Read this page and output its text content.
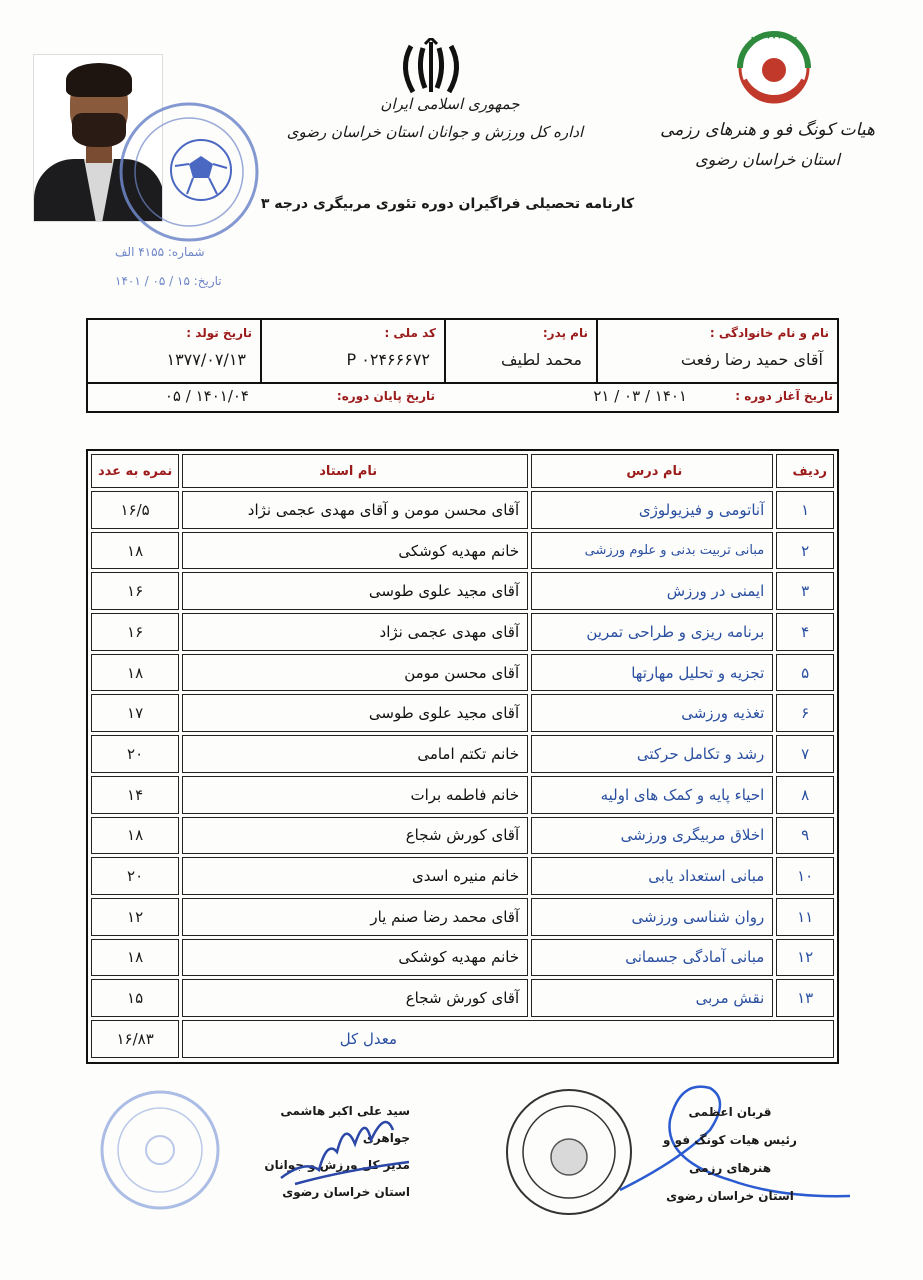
جمهوری اسلامی ایران
اداره کل ورزش و جوانان استان خراسان رضوی
• • • • • • • • •
هیات کونگ فو و هنرهای رزمی
استان خراسان رضوی
کارنامه تحصیلی فراگیران دوره تئوری مربیگری درجه ۳
شماره: ۴۱۵۵ الف
تاریخ: ۱۵ / ۰۵ / ۱۴۰۱
تاریخ تولد :
۱۳۷۷/۰۷/۱۳
کد ملی :
۰۲۴۶۶۶۷۲ P
نام پدر:
محمد لطیف
نام و نام خانوادگی :
آقای حمید رضا رفعت
تاریخ آغاز دوره :
۱۴۰۱ / ۰۳ / ۲۱
تاریخ پایان دوره:
۱۴۰۱/۰۴ / ۰۵
ردیف	نام درس	نام استاد	نمره به عدد
۱	آناتومی و فیزیولوژی	آقای محسن مومن و آقای مهدی عجمی نژاد	۱۶/۵
۲	مبانی تربیت بدنی و علوم ورزشی	خانم مهدیه کوشکی	۱۸
۳	ایمنی در ورزش	آقای مجید علوی طوسی	۱۶
۴	برنامه ریزی و طراحی تمرین	آقای مهدی عجمی نژاد	۱۶
۵	تجزیه و تحلیل مهارتها	آقای محسن مومن	۱۸
۶	تغذیه ورزشی	آقای مجید علوی طوسی	۱۷
۷	رشد و تکامل حرکتی	خانم تکتم امامی	۲۰
۸	احیاء پایه و کمک های اولیه	خانم فاطمه برات	۱۴
۹	اخلاق مربیگری ورزشی	آقای کورش شجاع	۱۸
۱۰	مبانی استعداد یابی	خانم منیره اسدی	۲۰
۱۱	روان شناسی ورزشی	آقای محمد رضا صنم یار	۱۲
۱۲	مبانی آمادگی جسمانی	خانم مهدیه کوشکی	۱۸
۱۳	نقش مربی	آقای کورش شجاع	۱۵
معدل کل			۱۶/۸۳
سید علی اکبر هاشمی جواهری
مدیر کل ورزش و جوانان
استان خراسان رضوی
قربان اعظمی
رئیس هیات کونگ فو و هنرهای رزمی
استان خراسان رضوی
